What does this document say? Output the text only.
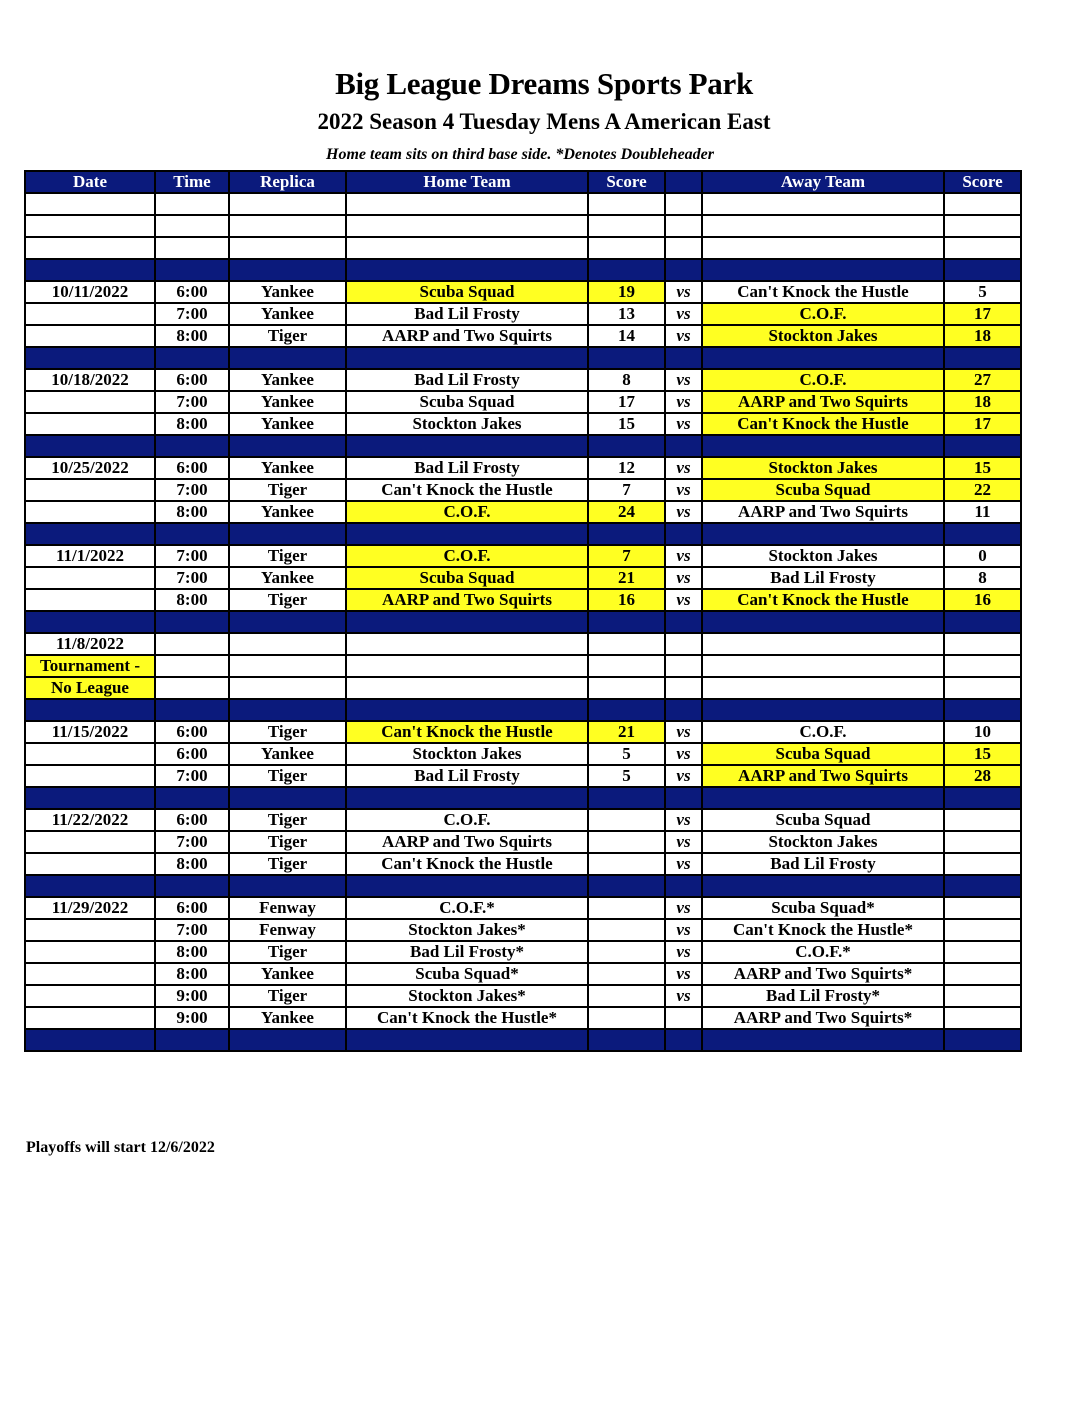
Big League Dreams Sports Park
2022 Season 4 Tuesday Mens A American East
Home team sits on third base side. *Denotes Doubleheader
Date	Time	Replica	Home Team	Score		Away Team	Score

10/11/2022	6:00	Yankee	Scuba Squad	19	vs	Can't Knock the Hustle	5
	7:00	Yankee	Bad Lil Frosty	13	vs	C.O.F.	17
	8:00	Tiger	AARP and Two Squirts	14	vs	Stockton Jakes	18

10/18/2022	6:00	Yankee	Bad Lil Frosty	8	vs	C.O.F.	27
	7:00	Yankee	Scuba Squad	17	vs	AARP and Two Squirts	18
	8:00	Yankee	Stockton Jakes	15	vs	Can't Knock the Hustle	17

10/25/2022	6:00	Yankee	Bad Lil Frosty	12	vs	Stockton Jakes	15
	7:00	Tiger	Can't Knock the Hustle	7	vs	Scuba Squad	22
	8:00	Yankee	C.O.F.	24	vs	AARP and Two Squirts	11

11/1/2022	7:00	Tiger	C.O.F.	7	vs	Stockton Jakes	0
	7:00	Yankee	Scuba Squad	21	vs	Bad Lil Frosty	8
	8:00	Tiger	AARP and Two Squirts	16	vs	Can't Knock the Hustle	16

11/8/2022							
Tournament -							
No League							

11/15/2022	6:00	Tiger	Can't Knock the Hustle	21	vs	C.O.F.	10
	6:00	Yankee	Stockton Jakes	5	vs	Scuba Squad	15
	7:00	Tiger	Bad Lil Frosty	5	vs	AARP and Two Squirts	28

11/22/2022	6:00	Tiger	C.O.F.		vs	Scuba Squad	
	7:00	Tiger	AARP and Two Squirts		vs	Stockton Jakes	
	8:00	Tiger	Can't Knock the Hustle		vs	Bad Lil Frosty	

11/29/2022	6:00	Fenway	C.O.F.*		vs	Scuba Squad*	
	7:00	Fenway	Stockton Jakes*		vs	Can't Knock the Hustle*	
	8:00	Tiger	Bad Lil Frosty*		vs	C.O.F.*	
	8:00	Yankee	Scuba Squad*		vs	AARP and Two Squirts*	
	9:00	Tiger	Stockton Jakes*		vs	Bad Lil Frosty*	
	9:00	Yankee	Can't Knock the Hustle*			AARP and Two Squirts*	

Playoffs will start 12/6/2022
